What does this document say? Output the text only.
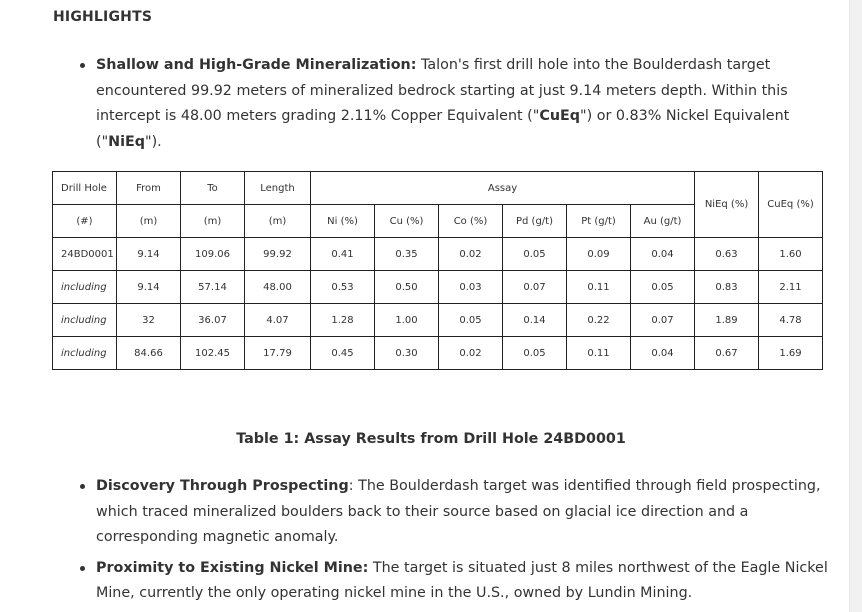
HIGHLIGHTS
Shallow and High-Grade Mineralization: Talon's first drill hole into the Boulderdash target encountered 99.92 meters of mineralized bedrock starting at just 9.14 meters depth. Within this intercept is 48.00 meters grading 2.11% Copper Equivalent ("CuEq") or 0.83% Nickel Equivalent ("NiEq").
Drill Hole	From	To	Length	Assay						NiEq (%)	CuEq (%)
(#)	(m)	(m)	(m)	Ni (%)	Cu (%)	Co (%)	Pd (g/t)	Pt (g/t)	Au (g/t)		
24BD0001	9.14	109.06	99.92	0.41	0.35	0.02	0.05	0.09	0.04	0.63	1.60
including	9.14	57.14	48.00	0.53	0.50	0.03	0.07	0.11	0.05	0.83	2.11
including	32	36.07	4.07	1.28	1.00	0.05	0.14	0.22	0.07	1.89	4.78
including	84.66	102.45	17.79	0.45	0.30	0.02	0.05	0.11	0.04	0.67	1.69
Table 1: Assay Results from Drill Hole 24BD0001
Discovery Through Prospecting: The Boulderdash target was identified through field prospecting, which traced mineralized boulders back to their source based on glacial ice direction and a corresponding magnetic anomaly.
Proximity to Existing Nickel Mine: The target is situated just 8 miles northwest of the Eagle Nickel Mine, currently the only operating nickel mine in the U.S., owned by Lundin Mining.
